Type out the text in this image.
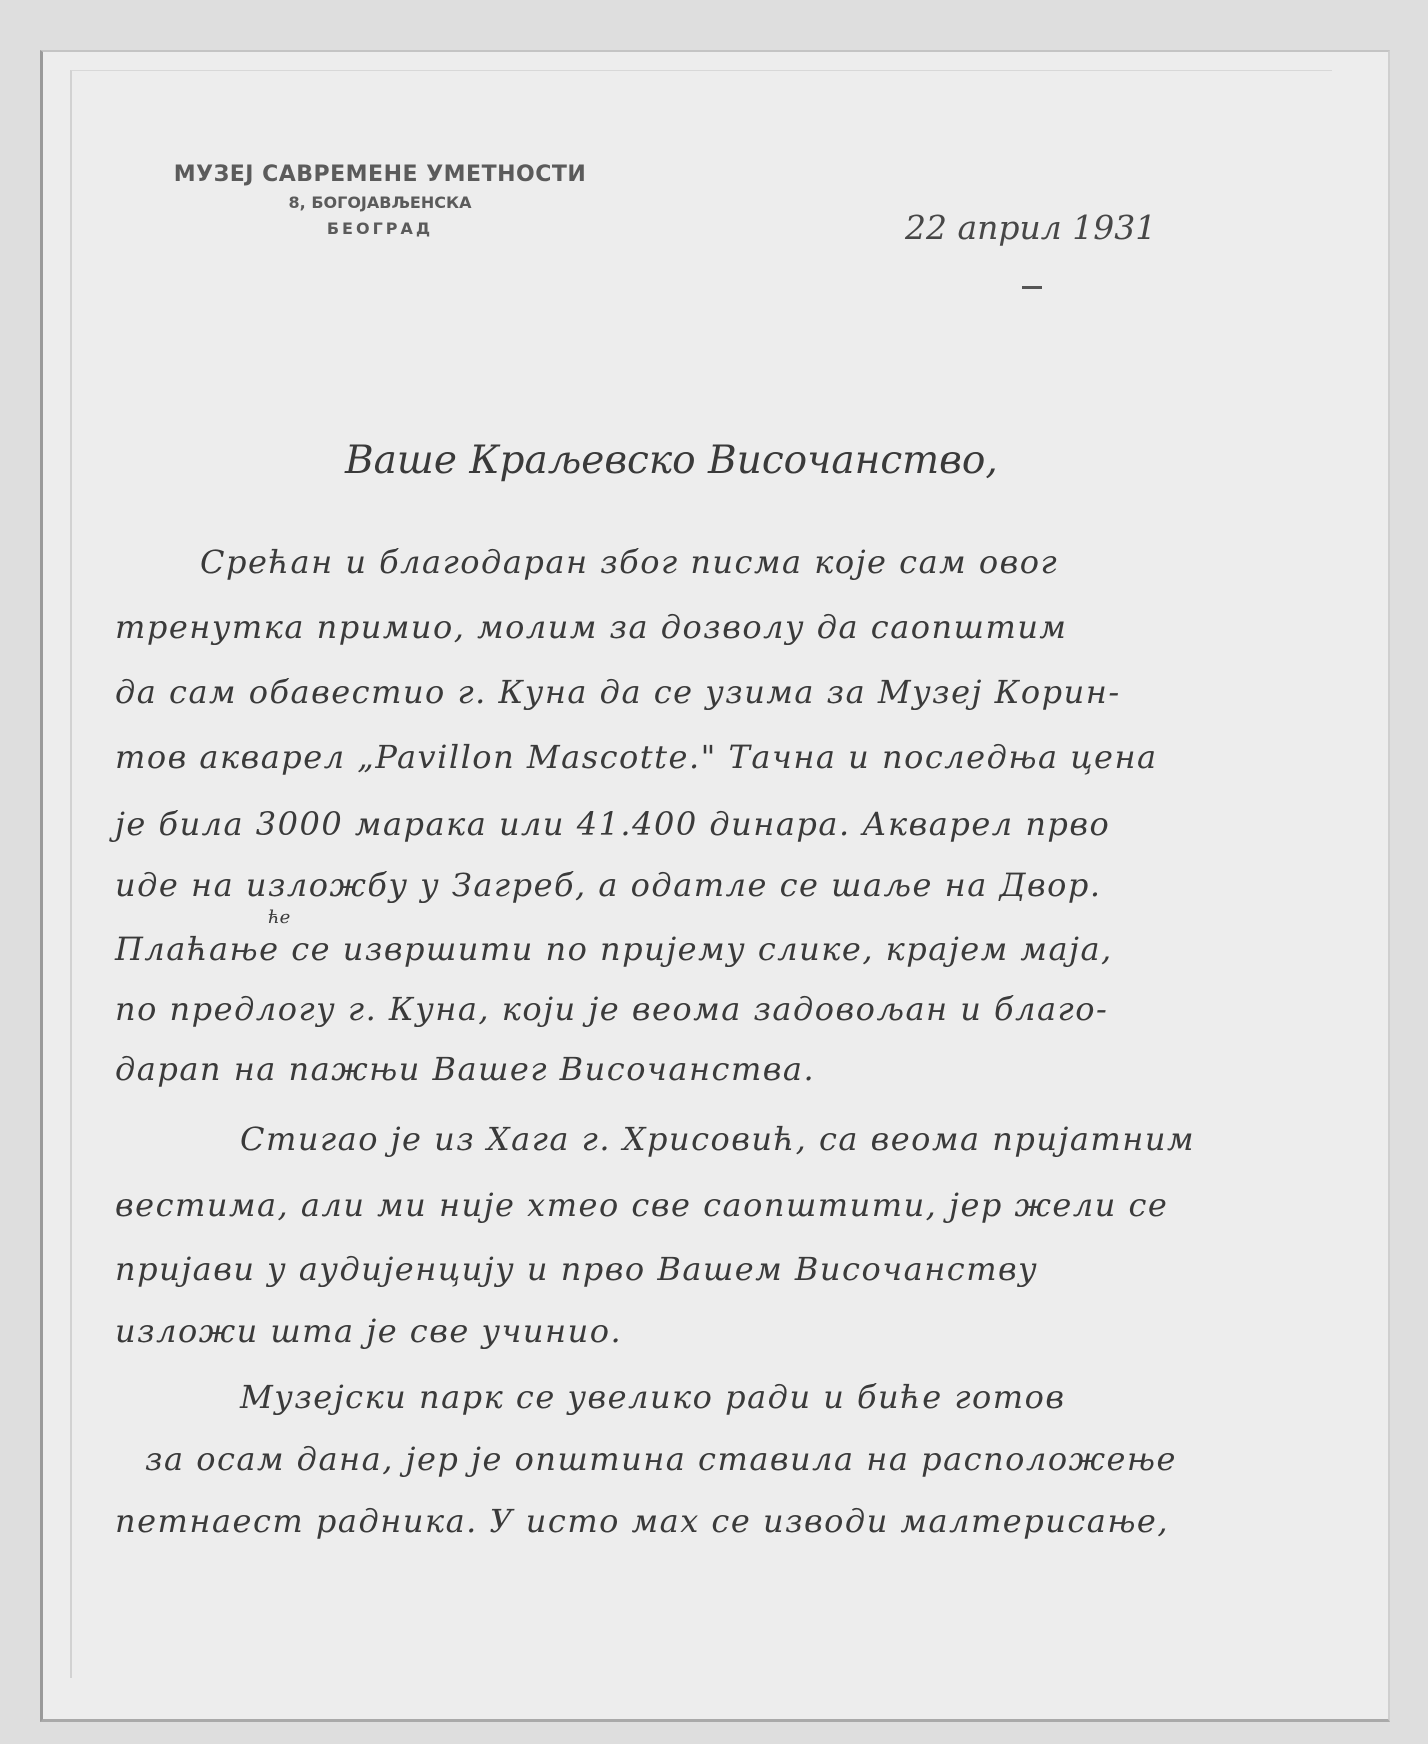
МУЗЕЈ САВРЕМЕНЕ УМЕТНОСТИ
8, БОГОЈАВЉЕНСКА
БЕОГРАД	22 април 1931
Ваше Краљевско Височанство,
Срећан и благодаран због писма које сам овог
тренутка примио, молим за дозволу да саопштим
да сам обавестио г. Куна да се узима за Музеј Корин-
тов акварел „Pavillon Mascotte." Тачна и последња цена
је била 3000 марака или 41.400 динара. Акварел прво
иде на изложбу у Загреб, а одатле се шаље на Двор.
Плаћање се извршити по пријему слике, крајем маја,
ће
по предлогу г. Куна, који је веома задовољан и благо-
дарап на пажњи Вашег Височанства.
Стигао је из Хага г. Хрисовић, са веома пријатним
вестима, али ми није хтео све саопштити, јер жели се
пријави у аудијенцију и прво Вашем Височанству
изложи шта је све учинио.
Музејски парк се увелико ради и биће готов
за осам дана, јер је општина ставила на расположење
петнаест радника. У исто мах се изводи малтерисање,
